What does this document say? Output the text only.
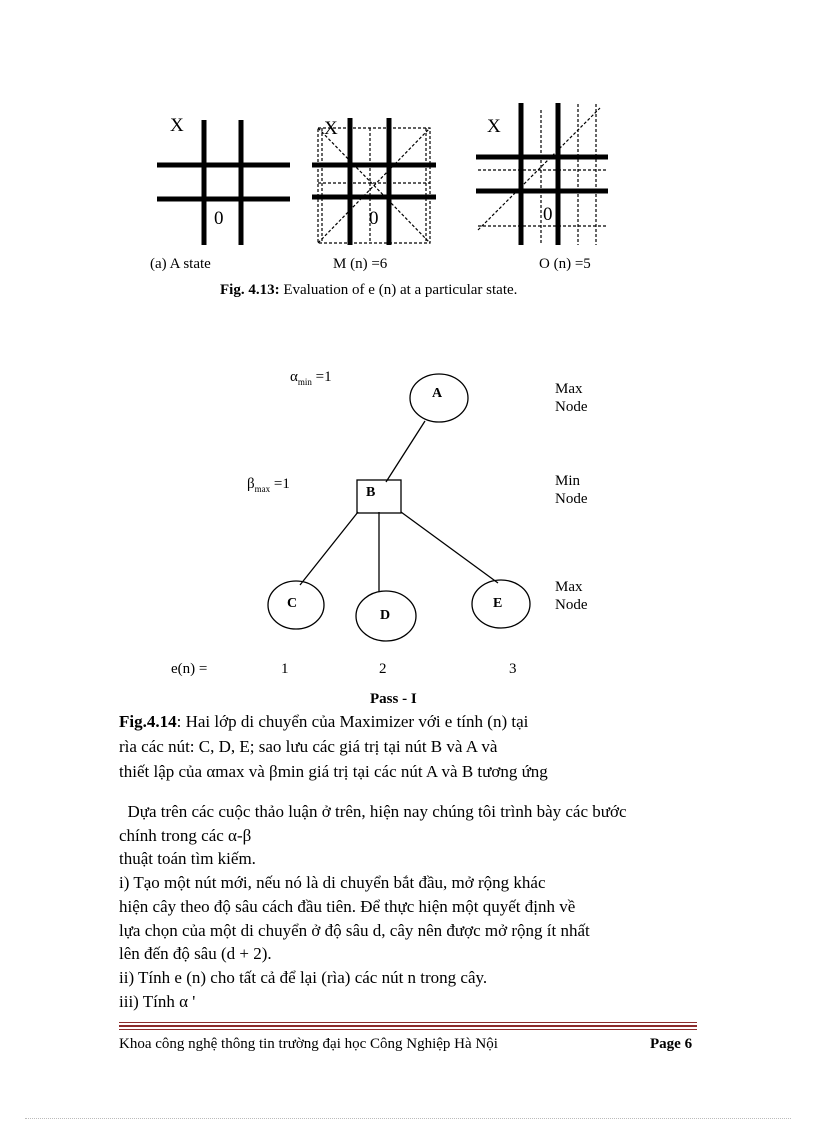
X
0
(a) A state
X
0
M (n) =6
X
0
O (n) =5
Fig. 4.13: Evaluation of e (n) at a particular state.
A
B
C
D
E
$\alpha_{min} =1$
$\beta_{max} =1$
Max
Node
Min
Node
Max
Node
e(n) =	1	2	3
Pass - I
Fig.4.14: Hai lớp di chuyển của Maximizer với e tính (n) tại
rìa các nút: C, D, E; sao lưu các giá trị tại nút B và A và
thiết lập của αmax và βmin giá trị tại các nút A và B tương ứng
Dựa trên các cuộc thảo luận ở trên, hiện nay chúng tôi trình bày các bước
chính trong các α-β
thuật toán tìm kiếm.
i) Tạo một nút mới, nếu nó là di chuyển bắt đầu, mở rộng khác
hiện cây theo độ sâu cách đầu tiên. Để thực hiện một quyết định về
lựa chọn của một di chuyển ở độ sâu d, cây nên được mở rộng ít nhất
lên đến độ sâu (d + 2).
ii) Tính e (n) cho tất cả để lại (rìa) các nút n trong cây.
iii) Tính α '
Khoa công nghệ thông tin trường đại học Công Nghiệp Hà Nội	Page 6
